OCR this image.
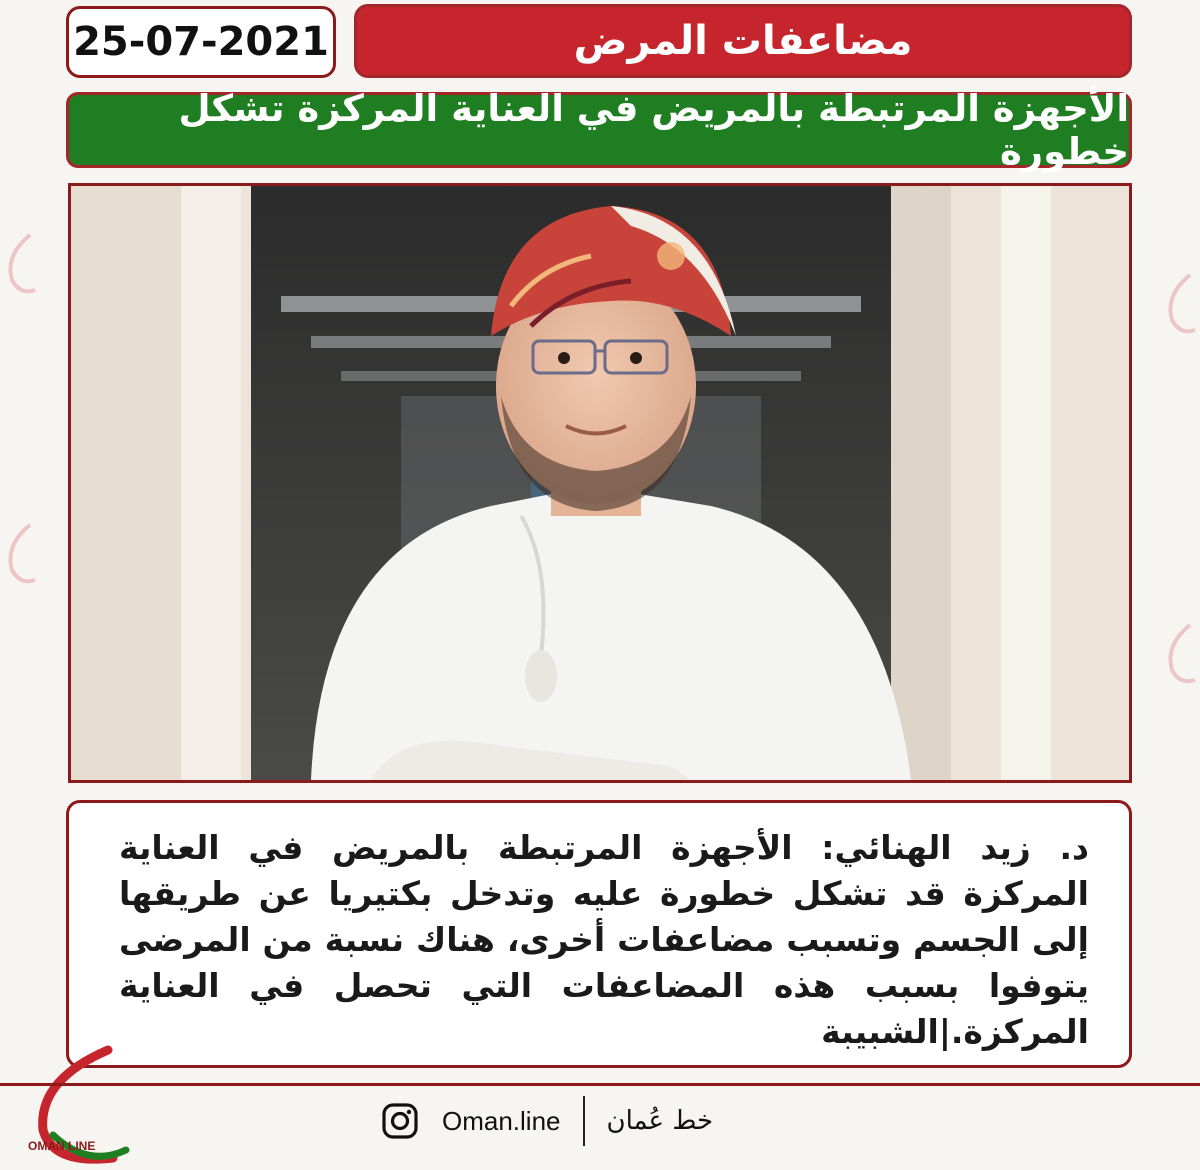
25-07-2021	مضاعفات المرض
الأجهزة المرتبطة بالمريض في العناية المركزة تشكل خطورة

د. زيد الهنائي: الأجهزة المرتبطة بالمريض في العناية المركزة قد تشكل خطورة عليه وتدخل بكتيريا عن طريقها إلى الجسم وتسبب مضاعفات أخرى، هناك نسبة من المرضى يتوفوا بسبب هذه المضاعفات التي تحصل في العناية المركزة.|الشبيبة

OMAN LINE
Oman.line خط عُمان
